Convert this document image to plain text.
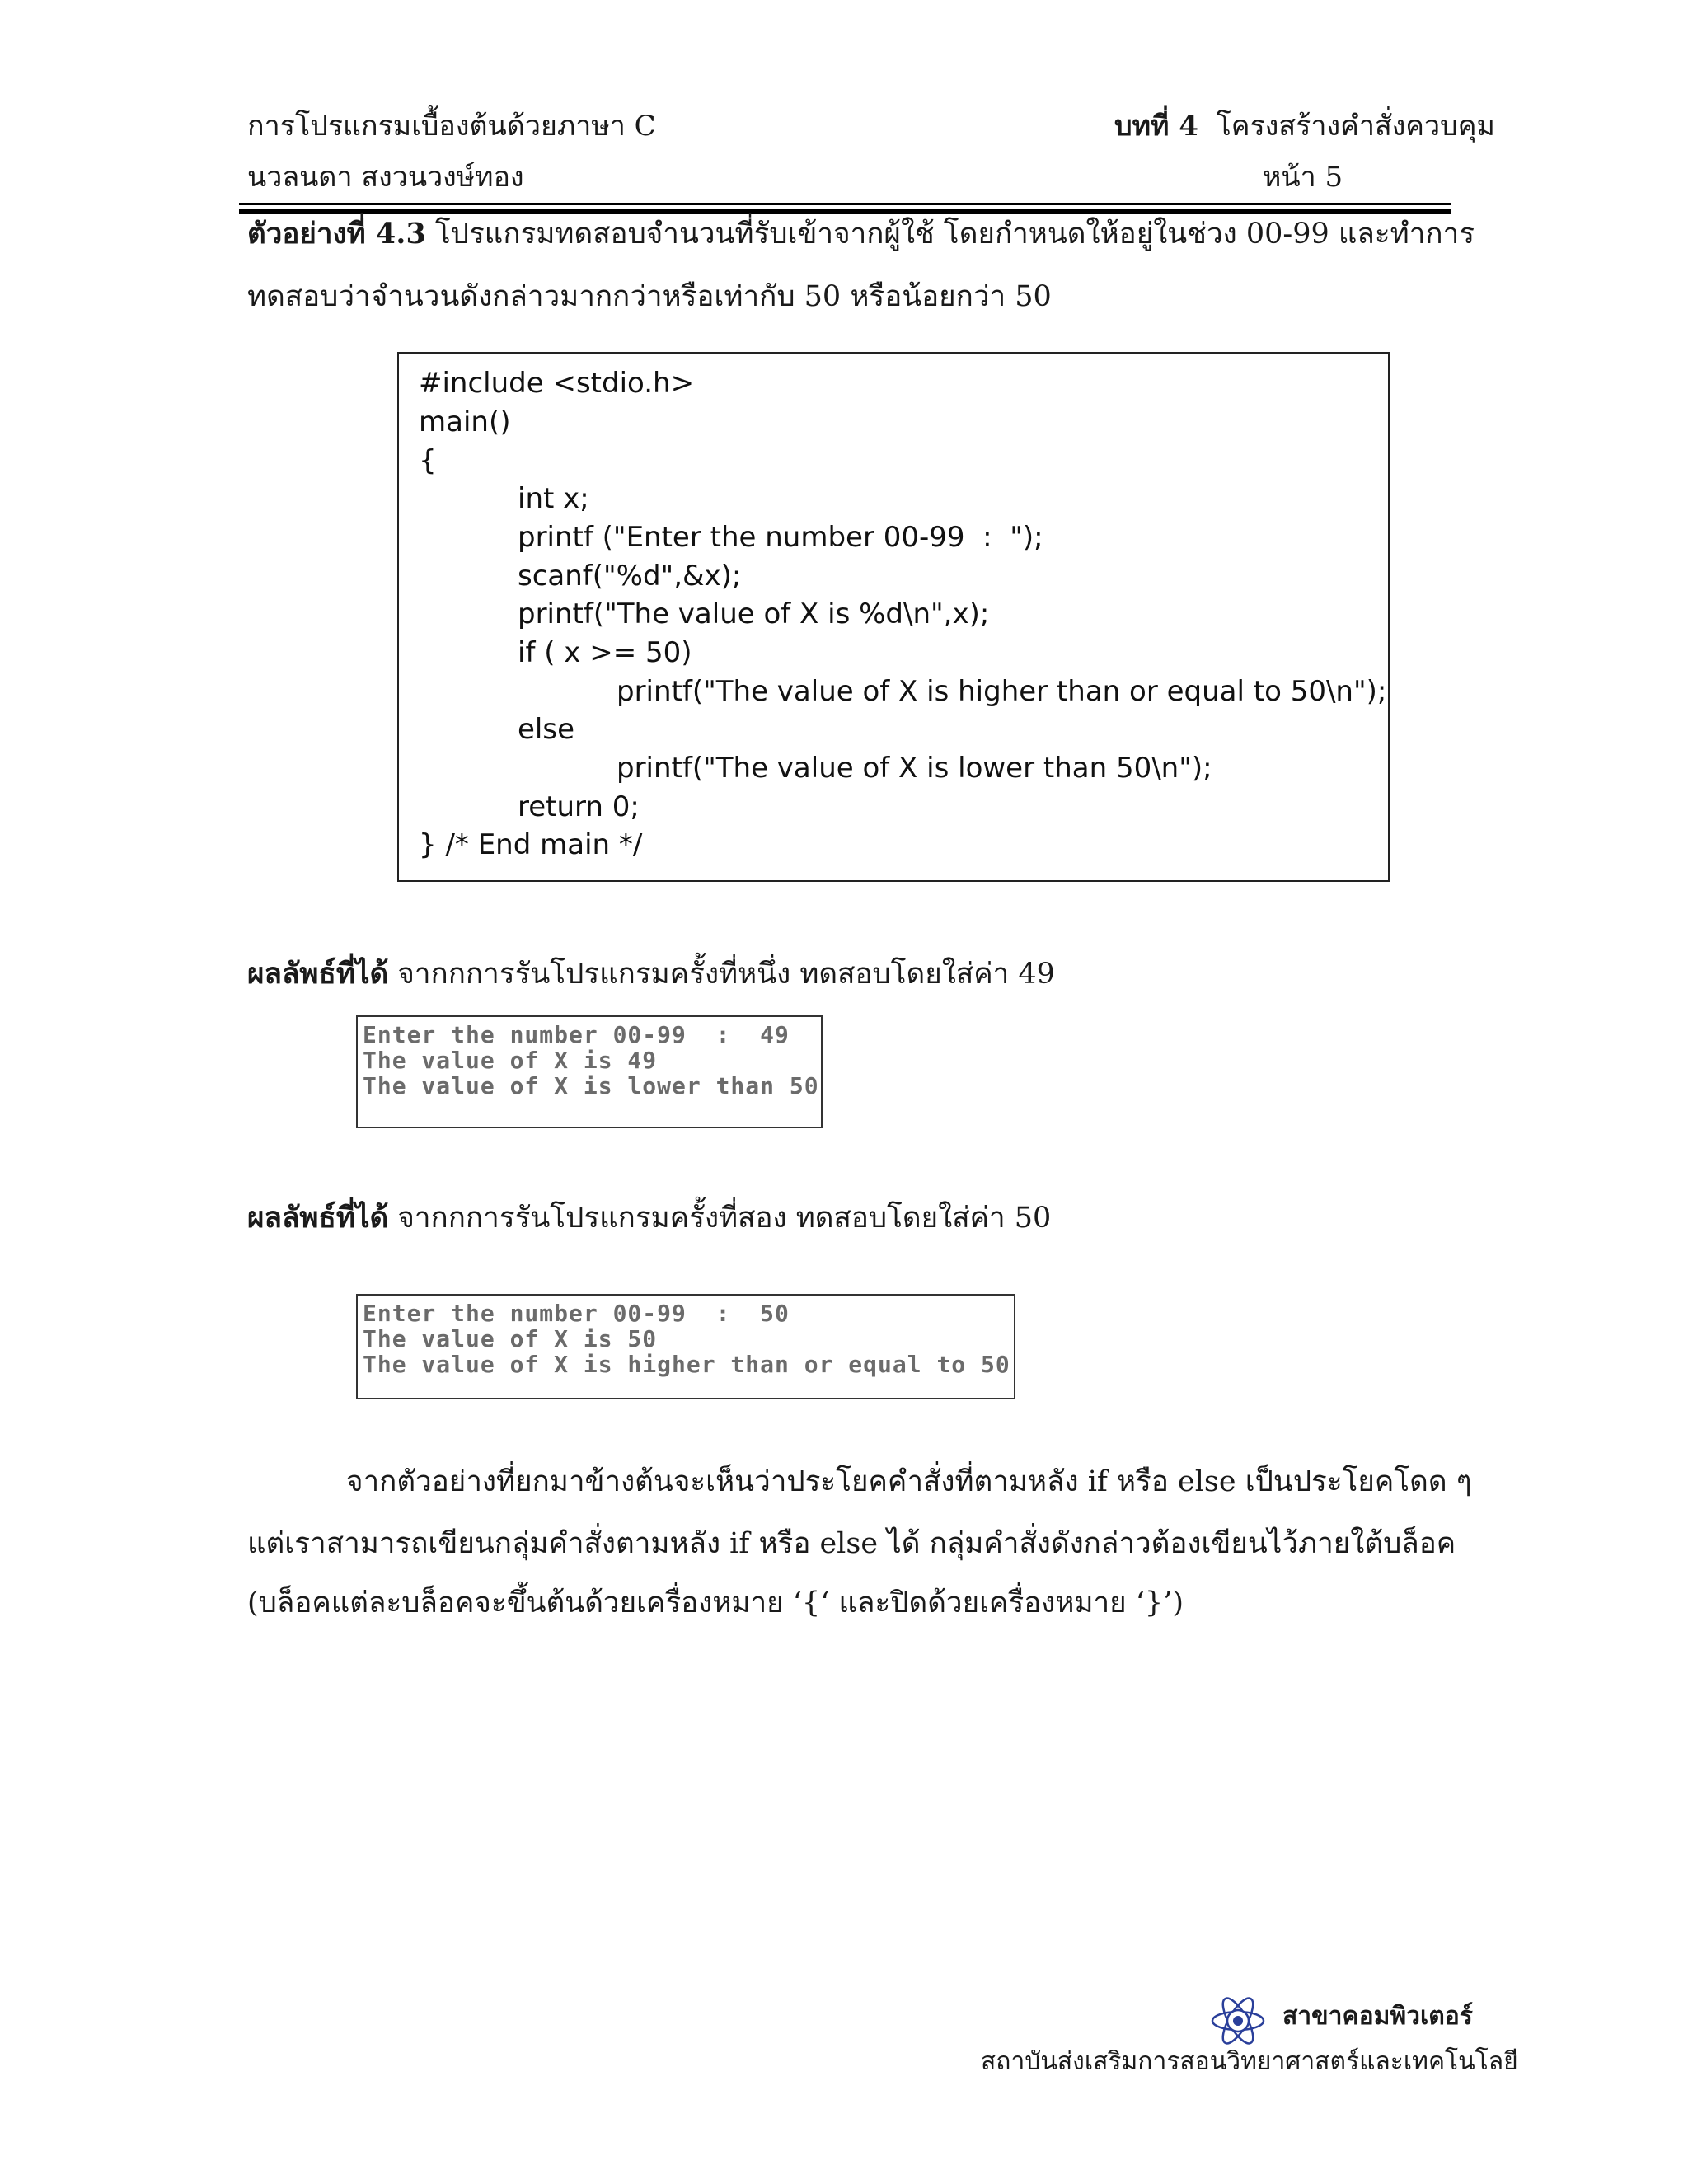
การโปรแกรมเบื้องต้นด้วยภาษา C	บทที่ 4 โครงสร้างคำสั่งควบคุม
นวลนดา สงวนวงษ์ทอง	หน้า 5
ตัวอย่างที่ 4.3 โปรแกรมทดสอบจำนวนที่รับเข้าจากผู้ใช้ โดยกำหนดให้อยู่ในช่วง 00-99 และทำการ
ทดสอบว่าจำนวนดังกล่าวมากกว่าหรือเท่ากับ 50 หรือน้อยกว่า 50
#include <stdio.h>
main()
{
int x;
printf ("Enter the number 00-99  :  ");
scanf("%d",&x);
printf("The value of X is %d\n",x);
if ( x >= 50)
printf("The value of X is higher than or equal to 50\n");
else
printf("The value of X is lower than 50\n");
return 0;
} /* End main */
ผลลัพธ์ที่ได้ จากกการรันโปรแกรมครั้งที่หนึ่ง ทดสอบโดยใส่ค่า 49
Enter the number 00-99  :  49
The value of X is 49
The value of X is lower than 50
ผลลัพธ์ที่ได้ จากกการรันโปรแกรมครั้งที่สอง ทดสอบโดยใส่ค่า 50
Enter the number 00-99  :  50
The value of X is 50
The value of X is higher than or equal to 50
จากตัวอย่างที่ยกมาข้างต้นจะเห็นว่าประโยคคำสั่งที่ตามหลัง if หรือ else เป็นประโยคโดด ๆ
แต่เราสามารถเขียนกลุ่มคำสั่งตามหลัง if หรือ else ได้ กลุ่มคำสั่งดังกล่าวต้องเขียนไว้ภายใต้บล็อค
(บล็อคแต่ละบล็อคจะขึ้นต้นด้วยเครื่องหมาย ‘{‘ และปิดด้วยเครื่องหมาย ‘}’)
สาขาคอมพิวเตอร์
สถาบันส่งเสริมการสอนวิทยาศาสตร์และเทคโนโลยี
